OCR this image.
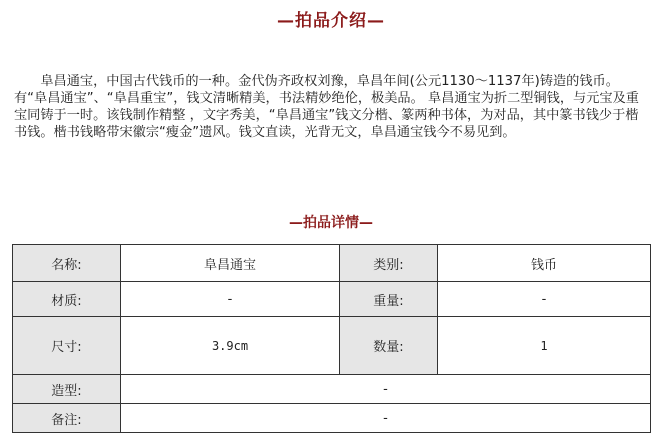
—拍品介绍—
　　阜昌通宝，中国古代钱币的一种。金代伪齐政权刘豫，阜昌年间(公元1130～1137年)铸造的钱币。有“阜昌通宝”、“阜昌重宝”，钱文清晰精美，书法精妙绝伦，极美品。 阜昌通宝为折二型铜钱，与元宝及重宝同铸于一时。该钱制作精整 ，文字秀美，“阜昌通宝”钱文分楷、篆两种书体，为对品，其中篆书钱少于楷书钱。楷书钱略带宋徽宗“瘦金”遗风。钱文直读，光背无文，阜昌通宝钱今不易见到。
—拍品详情—
名称:	阜昌通宝	类别:	钱币
材质:	-	重量:	-
尺寸:	3.9cm	数量:	1
造型:	-		
备注:	-		
